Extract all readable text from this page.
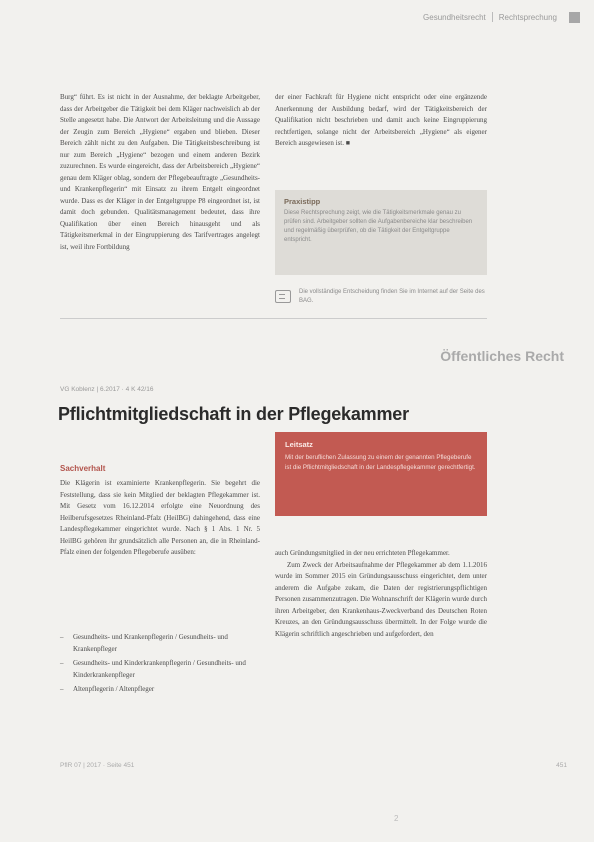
Gesundheitsrecht Rechtsprechung

Burg“ führt. Es ist nicht in der Ausnahme, der beklagte Arbeitgeber, dass der Arbeitgeber die Tätigkeit bei dem Kläger nachweislich ab der Stelle angesetzt habe. Die Antwort der Arbeitsleitung und die Aussage der Zeugin zum Bereich „Hygiene“ ergaben und blieben. Dieser Bereich zählt nicht zu den Aufgaben. Die Tätigkeitsbeschreibung ist nur zum Bereich „Hygiene“ bezogen und einem anderen Bezirk zuzurechnen. Es wurde eingereicht, dass der Arbeitsbereich „Hygiene“ genau dem Kläger oblag, sondern der Pflegebeauftragte „Gesundheits- und Krankenpflegerin“ mit Einsatz zu ihrem Entgelt eingeordnet wurde. Dass es der Kläger in der Entgeltgruppe P8 eingeordnet ist, ist damit doch gebunden. Qualitätsmanagement bedeutet, dass ihre Qualifikation über einen Bereich hinausgeht und als Tätigkeitsmerkmal in der Eingruppierung des Tarifvertrages angelegt ist, weil ihre Fortbildung

der einer Fachkraft für Hygiene nicht entspricht oder eine ergänzende Anerkennung der Ausbildung bedarf, wird der Tätigkeitsbereich der Qualifikation nicht beschrieben und damit auch keine Eingruppierung rechtfertigen, solange nicht der Arbeitsbereich „Hygiene“ als eigener Bereich ausgewiesen ist. ■

Praxistipp

Diese Rechtsprechung zeigt, wie die Tätigkeitsmerkmale genau zu prüfen sind. Arbeitgeber sollten die Aufgabenbereiche klar beschreiben und regelmäßig überprüfen, ob die Tätigkeit der Entgeltgruppe entspricht.

Die vollständige Entscheidung finden Sie im Internet auf der Seite des BAG.

Öffentliches Recht
VG Koblenz | 6.2017 · 4 K 42/16
Pflichtmitgliedschaft in der Pflegekammer
Sachverhalt

Die Klägerin ist examinierte Krankenpflegerin. Sie begehrt die Feststellung, dass sie kein Mitglied der beklagten Pflegekammer ist. Mit Gesetz vom 16.12.2014 erfolgte eine Neuordnung des Heilberufsgesetzes Rheinland-Pfalz (HeilBG) dahingehend, dass eine Landespflegekammer eingerichtet wurde. Nach § 1 Abs. 1 Nr. 5 HeilBG gehören ihr grundsätzlich alle Personen an, die in Rheinland-Pfalz einen der folgenden Pflegeberufe ausüben:

– Gesundheits- und Krankenpflegerin / Gesundheits- und Krankenpfleger
– Gesundheits- und Kinderkrankenpflegerin / Gesundheits- und Kinderkrankenpfleger
– Altenpflegerin / Altenpfleger
Leitsatz

Mit der beruflichen Zulassung zu einem der genannten Pflegeberufe ist die Pflichtmitgliedschaft in der Landespflegekammer gerechtfertigt.

auch Gründungsmitglied in der neu errichteten Pflegekammer.
Zum Zweck der Arbeitsaufnahme der Pflegekammer ab dem 1.1.2016 wurde im Sommer 2015 ein Gründungsausschuss eingerichtet, dem unter anderem die Aufgabe zukam, die Daten der registrierungspflichtigen Personen zusammenzutragen. Die Wohnanschrift der Klägerin wurde durch ihren Arbeitgeber, den Krankenhaus-Zweckverband des Deutschen Roten Kreuzes, an den Gründungsausschuss übermittelt. In der Folge wurde die Klägerin schriftlich angeschrieben und aufgefordert, den
PflR 07 | 2017 · Seite 451	451
2
